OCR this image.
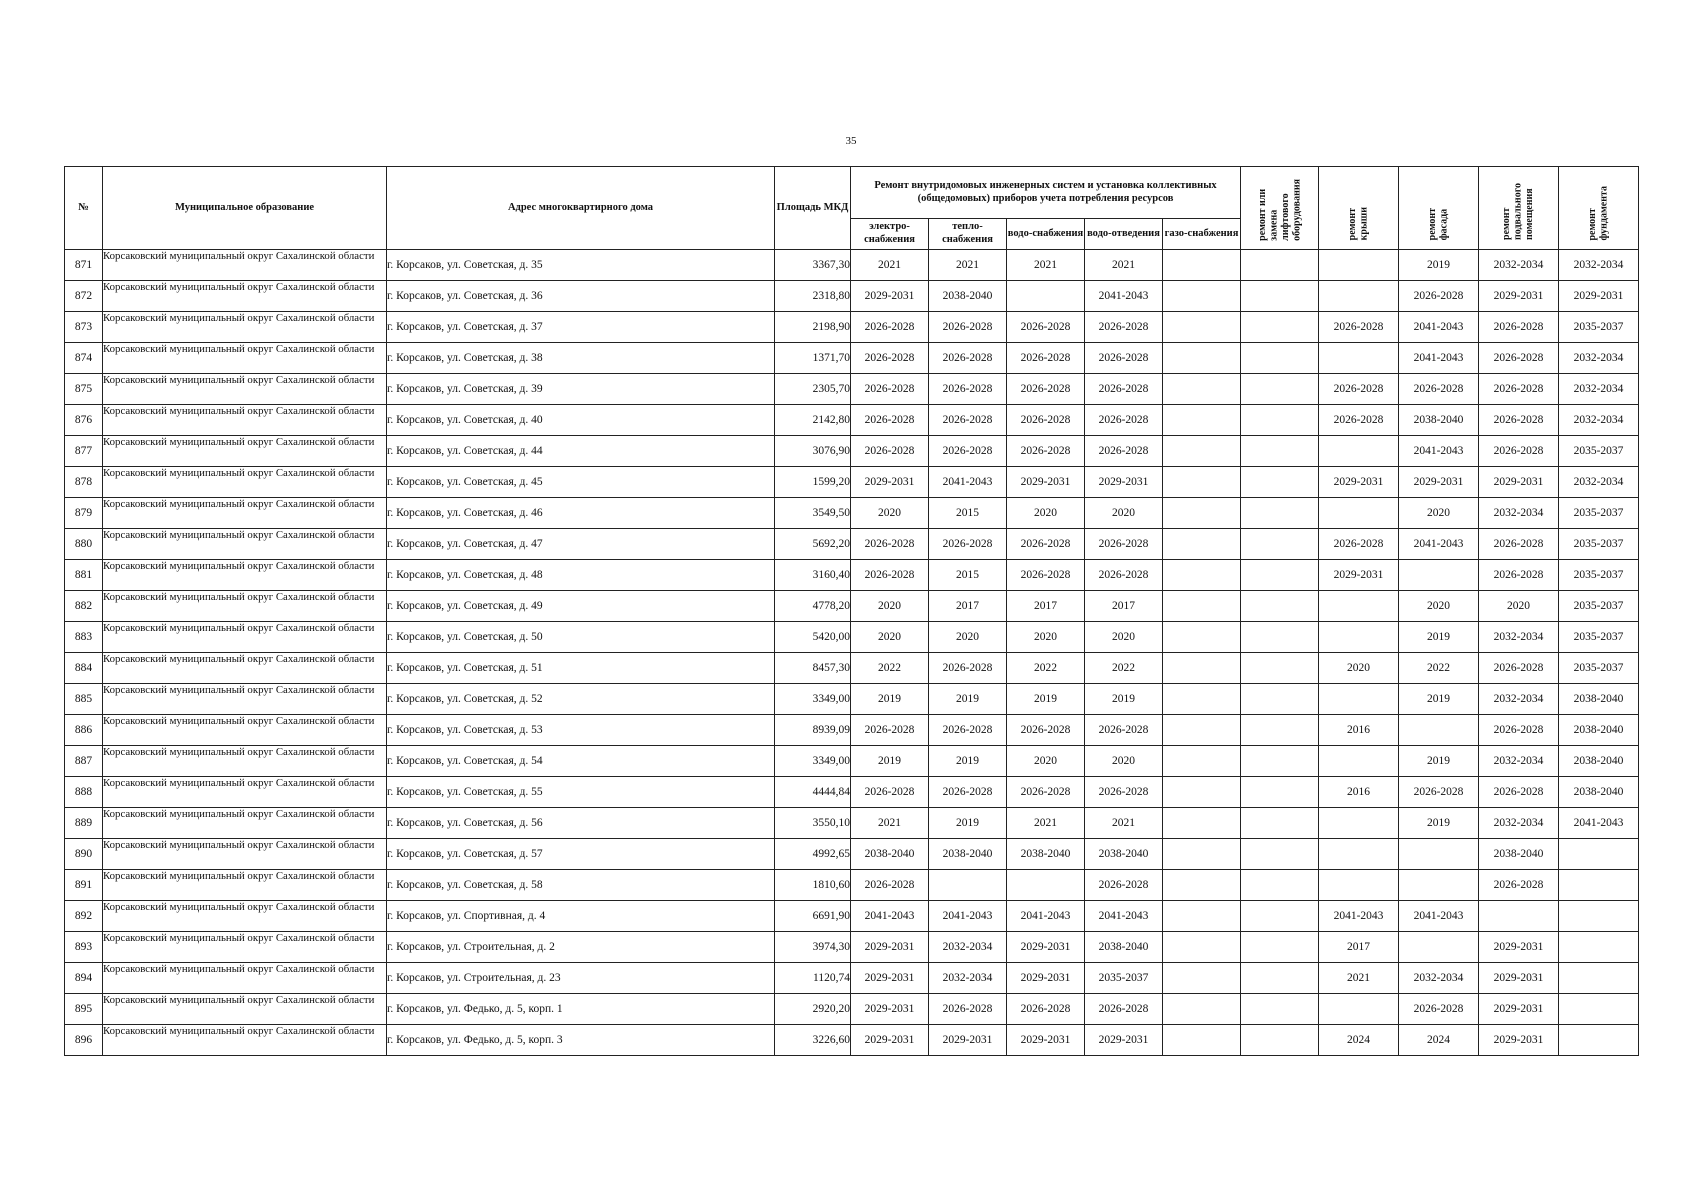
35
№	Муниципальное образование	Адрес многоквартирного дома	Площадь МКД	Ремонт внутридомовых инженерных систем и установка коллективных (общедомовых) приборов учета потребления ресурсов					ремонт или
замена
лифтового
оборудования	ремонт
крыши	ремонт
фасада	ремонт
подвального
помещения	ремонт
фундамента
				электро-снабжения	тепло-снабжения	водо-снабжения	водо-отведения	газо-снабжения					
871	Корсаковский муниципальный округ Сахалинской области	г. Корсаков, ул. Советская, д. 35	3367,30	2021	2021	2021	2021				2019	2032-2034	2032-2034
872	Корсаковский муниципальный округ Сахалинской области	г. Корсаков, ул. Советская, д. 36	2318,80	2029-2031	2038-2040		2041-2043				2026-2028	2029-2031	2029-2031
873	Корсаковский муниципальный округ Сахалинской области	г. Корсаков, ул. Советская, д. 37	2198,90	2026-2028	2026-2028	2026-2028	2026-2028			2026-2028	2041-2043	2026-2028	2035-2037
874	Корсаковский муниципальный округ Сахалинской области	г. Корсаков, ул. Советская, д. 38	1371,70	2026-2028	2026-2028	2026-2028	2026-2028				2041-2043	2026-2028	2032-2034
875	Корсаковский муниципальный округ Сахалинской области	г. Корсаков, ул. Советская, д. 39	2305,70	2026-2028	2026-2028	2026-2028	2026-2028			2026-2028	2026-2028	2026-2028	2032-2034
876	Корсаковский муниципальный округ Сахалинской области	г. Корсаков, ул. Советская, д. 40	2142,80	2026-2028	2026-2028	2026-2028	2026-2028			2026-2028	2038-2040	2026-2028	2032-2034
877	Корсаковский муниципальный округ Сахалинской области	г. Корсаков, ул. Советская, д. 44	3076,90	2026-2028	2026-2028	2026-2028	2026-2028				2041-2043	2026-2028	2035-2037
878	Корсаковский муниципальный округ Сахалинской области	г. Корсаков, ул. Советская, д. 45	1599,20	2029-2031	2041-2043	2029-2031	2029-2031			2029-2031	2029-2031	2029-2031	2032-2034
879	Корсаковский муниципальный округ Сахалинской области	г. Корсаков, ул. Советская, д. 46	3549,50	2020	2015	2020	2020				2020	2032-2034	2035-2037
880	Корсаковский муниципальный округ Сахалинской области	г. Корсаков, ул. Советская, д. 47	5692,20	2026-2028	2026-2028	2026-2028	2026-2028			2026-2028	2041-2043	2026-2028	2035-2037
881	Корсаковский муниципальный округ Сахалинской области	г. Корсаков, ул. Советская, д. 48	3160,40	2026-2028	2015	2026-2028	2026-2028			2029-2031		2026-2028	2035-2037
882	Корсаковский муниципальный округ Сахалинской области	г. Корсаков, ул. Советская, д. 49	4778,20	2020	2017	2017	2017				2020	2020	2035-2037
883	Корсаковский муниципальный округ Сахалинской области	г. Корсаков, ул. Советская, д. 50	5420,00	2020	2020	2020	2020				2019	2032-2034	2035-2037
884	Корсаковский муниципальный округ Сахалинской области	г. Корсаков, ул. Советская, д. 51	8457,30	2022	2026-2028	2022	2022			2020	2022	2026-2028	2035-2037
885	Корсаковский муниципальный округ Сахалинской области	г. Корсаков, ул. Советская, д. 52	3349,00	2019	2019	2019	2019				2019	2032-2034	2038-2040
886	Корсаковский муниципальный округ Сахалинской области	г. Корсаков, ул. Советская, д. 53	8939,09	2026-2028	2026-2028	2026-2028	2026-2028			2016		2026-2028	2038-2040
887	Корсаковский муниципальный округ Сахалинской области	г. Корсаков, ул. Советская, д. 54	3349,00	2019	2019	2020	2020				2019	2032-2034	2038-2040
888	Корсаковский муниципальный округ Сахалинской области	г. Корсаков, ул. Советская, д. 55	4444,84	2026-2028	2026-2028	2026-2028	2026-2028			2016	2026-2028	2026-2028	2038-2040
889	Корсаковский муниципальный округ Сахалинской области	г. Корсаков, ул. Советская, д. 56	3550,10	2021	2019	2021	2021				2019	2032-2034	2041-2043
890	Корсаковский муниципальный округ Сахалинской области	г. Корсаков, ул. Советская, д. 57	4992,65	2038-2040	2038-2040	2038-2040	2038-2040					2038-2040	
891	Корсаковский муниципальный округ Сахалинской области	г. Корсаков, ул. Советская, д. 58	1810,60	2026-2028			2026-2028					2026-2028	
892	Корсаковский муниципальный округ Сахалинской области	г. Корсаков, ул. Спортивная, д. 4	6691,90	2041-2043	2041-2043	2041-2043	2041-2043			2041-2043	2041-2043		
893	Корсаковский муниципальный округ Сахалинской области	г. Корсаков, ул. Строительная, д. 2	3974,30	2029-2031	2032-2034	2029-2031	2038-2040			2017		2029-2031	
894	Корсаковский муниципальный округ Сахалинской области	г. Корсаков, ул. Строительная, д. 23	1120,74	2029-2031	2032-2034	2029-2031	2035-2037			2021	2032-2034	2029-2031	
895	Корсаковский муниципальный округ Сахалинской области	г. Корсаков, ул. Федько, д. 5, корп. 1	2920,20	2029-2031	2026-2028	2026-2028	2026-2028				2026-2028	2029-2031	
896	Корсаковский муниципальный округ Сахалинской области	г. Корсаков, ул. Федько, д. 5, корп. 3	3226,60	2029-2031	2029-2031	2029-2031	2029-2031			2024	2024	2029-2031	
